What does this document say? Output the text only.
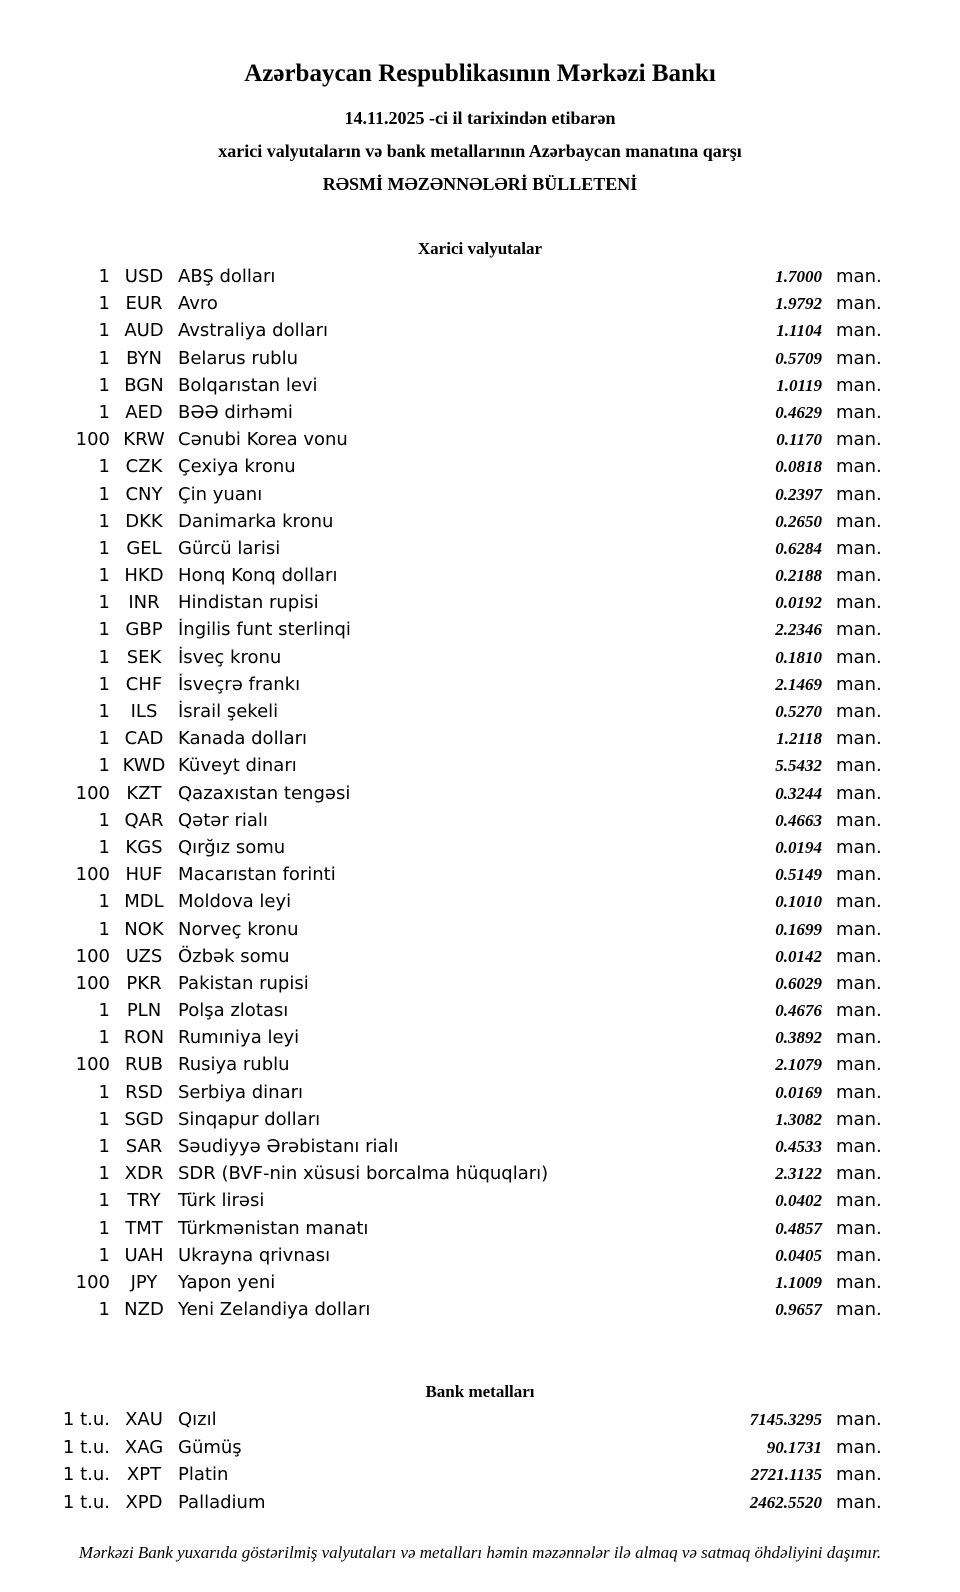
Azərbaycan Respublikasının Mərkəzi Bankı
14.11.2025 -ci il tarixindən etibarən
xarici valyutaların və bank metallarının Azərbaycan manatına qarşı
RƏSMİ MƏZƏNNƏLƏRİ BÜLLETENİ
Xarici valyutalar
1 USD ABŞ dolları	1.7000 man.
1 EUR Avro	1.9792 man.
1 AUD Avstraliya dolları	1.1104 man.
1 BYN Belarus rublu	0.5709 man.
1 BGN Bolqarıstan levi	1.0119 man.
1 AED BƏƏ dirhəmi	0.4629 man.
100 KRW Cənubi Korea vonu	0.1170 man.
1 CZK Çexiya kronu	0.0818 man.
1 CNY Çin yuanı	0.2397 man.
1 DKK Danimarka kronu	0.2650 man.
1 GEL Gürcü larisi	0.6284 man.
1 HKD Honq Konq dolları	0.2188 man.
1	INR	Hindistan rupisi	0.0192 man.
1 GBP İngilis funt sterlinqi	2.2346 man.
1 SEK İsveç kronu	0.1810 man.
1 CHF İsveçrə frankı	2.1469 man.
1	ILS	İsrail şekeli	0.5270 man.
1 CAD Kanada dolları	1.2118 man.
1 KWD Küveyt dinarı	5.5432 man.
100 KZT Qazaxıstan tengəsi	0.3244 man.
1 QAR Qətər rialı	0.4663 man.
1 KGS Qırğız somu	0.0194 man.
100 HUF Macarıstan forinti	0.5149 man.
1 MDL Moldova leyi	0.1010 man.
1 NOK Norveç kronu	0.1699 man.
100 UZS Özbək somu	0.0142 man.
100 PKR Pakistan rupisi	0.6029 man.
1 PLN Polşa zlotası	0.4676 man.
1 RON Rumıniya leyi	0.3892 man.
100 RUB Rusiya rublu	2.1079 man.
1 RSD Serbiya dinarı	0.0169 man.
1 SGD Sinqapur dolları	1.3082 man.
1 SAR Səudiyyə Ərəbistanı rialı	0.4533 man.
1 XDR SDR (BVF-nin xüsusi borcalma hüquqları)	2.3122 man.
1 TRY Türk lirəsi	0.0402 man.
1 TMT Türkmənistan manatı	0.4857 man.
1 UAH Ukrayna qrivnası	0.0405 man.
100	JPY	Yapon yeni	1.1009 man.
1 NZD Yeni Zelandiya dolları	0.9657 man.
Bank metalları
1 t.u. XAU Qızıl	7145.3295 man.
1 t.u. XAG Gümüş	90.1731 man.
1 t.u. XPT Platin	2721.1135 man.
1 t.u. XPD Palladium	2462.5520 man.
Mərkəzi Bank yuxarıda göstərilmiş valyutaları və metalları həmin məzənnələr ilə almaq və satmaq öhdəliyini daşımır.
